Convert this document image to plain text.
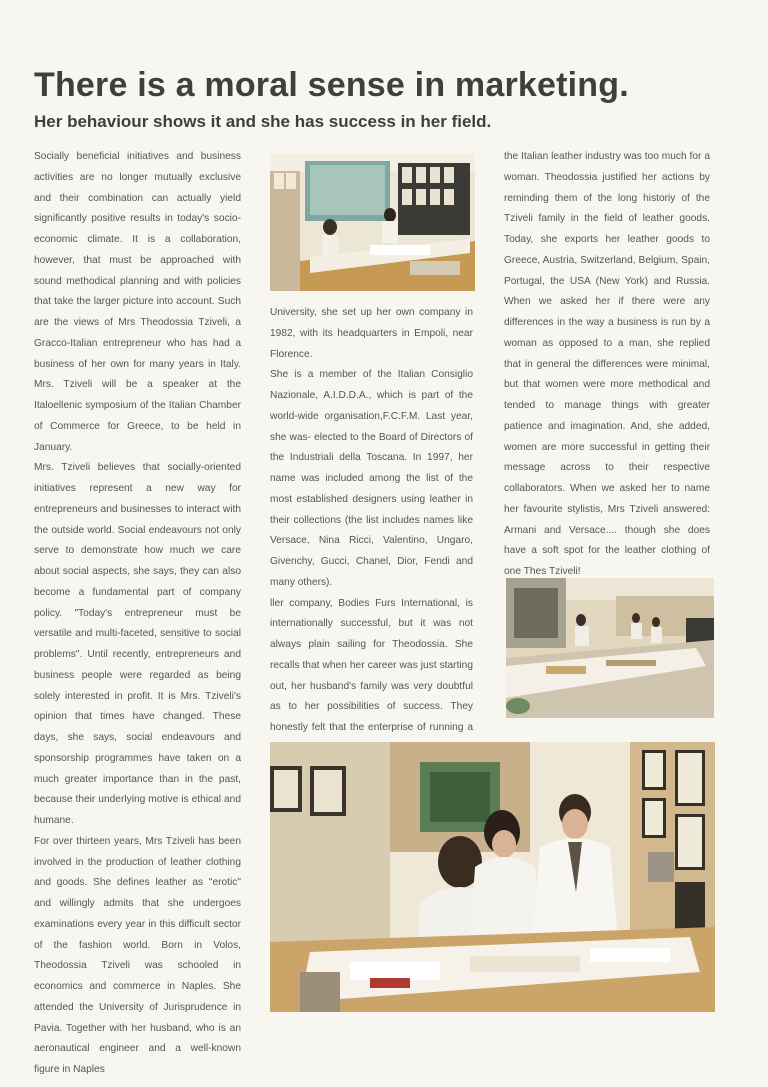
There is a moral sense in marketing.
Her behaviour shows it and she has success in her field.

Socially beneficial initiatives and business activities are no longer mutually exclusive and their combination can actually yield significantly positive results in today's socio-economic climate. It is a collaboration, however, that must be approached with sound methodical planning and with policies that take the larger picture into account. Such are the views of Mrs Theodossia Tziveli, a Gracco-Italian entrepreneur who has had a business of her own for many years in Italy. Mrs. Tziveli will be a speaker at the Italoellenic symposium of the Italian Chamber of Commerce for Greece, to be held in January.

Mrs. Tziveli believes that socially-oriented initiatives represent a new way for entrepreneurs and businesses to interact with the outside world. Social endeavours not only serve to demonstrate how much we care about social aspects, she says, they can also become a fundamental part of company policy. "Today's entrepreneur must be versatile and multi-faceted, sensitive to social problems". Until recently, entrepreneurs and business people were regarded as being solely interested in profit. It is Mrs. Tziveli's opinion that times have changed. These days, she says, social endeavours and sponsorship programmes have taken on a much greater importance than in the past, because their underlying motive is ethical and humane.

For over thirteen years, Mrs Tziveli has been involved in the production of leather clothing and goods. She defines leather as "erotic" and willingly admits that she undergoes examinations every year in this difficult sector of the fashion world. Born in Volos, Theodossia Tziveli was schooled in economics and commerce in Naples. She attended the University of Jurisprudence in Pavia. Together with her husband, who is an aeronautical engineer and a well-known figure in Naples

University, she set up her own company in 1982, with its headquarters in Empoli, near Florence.

She is a member of the Italian Consiglio Nazionale, A.I.D.D.A., which is part of the world-wide organisation,F.C.F.M. Last year, she was- elected to the Board of Directors of the Industriali della Toscana. In 1997, her name was included among the list of the most established designers using leather in their collections (the list includes names like Versace, Nina Ricci, Valentino, Ungaro, Givenchy, Gucci, Chanel, Dior, Fendi and many others).

ller company, Bodies Furs International, is internationally successful, but it was not always plain sailing for Theodossia. She recalls that when her career was just starting out, her husband's family was very doubtful as to her possibilities of success. They honestly felt that the enterprise of running a

the Italian leather industry was too much for a woman. Theodossia justified her actions by reminding them of the long historiy of the Tziveli family in the field of leather goods. Today, she exports her leather goods to Greece, Austria, Switzerland, Belgium, Spain, Portugal, the USA (New York) and Russia. When we asked her if there were any differences in the way a business is run by a woman as opposed to a man, she replied that in general the differences were minimal, but that women were more methodical and tended to manage things with greater patience and imagination. And, she added, women are more successful in getting their message across to their respective collaborators. When we asked her to name her favourite stylistis, Mrs Tziveli answered: Armani and Versace.... though she does have a soft spot for the leather clothing of one Thes Tziveli!
